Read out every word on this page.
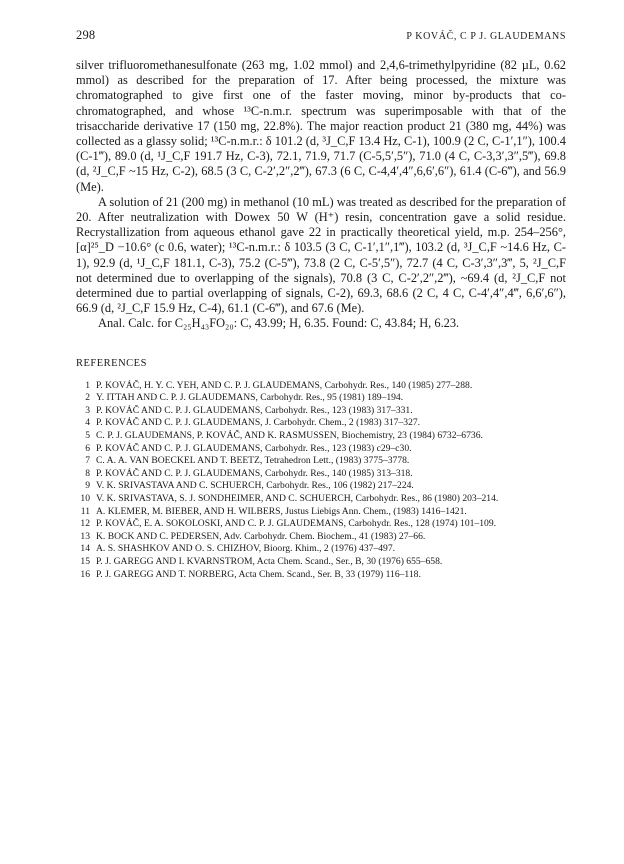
298	P KOVÁČ, C P J. GLAUDEMANS

silver trifluoromethanesulfonate (263 mg, 1.02 mmol) and 2,4,6-trimethylpyridine (82 µL, 0.62 mmol) as described for the preparation of 17. After being processed, the mixture was chromatographed to give first one of the faster moving, minor by-products that co-chromatographed, and whose ¹³C-n.m.r. spectrum was superimposable with that of the trisaccharide derivative 17 (150 mg, 22.8%). The major reaction product 21 (380 mg, 44%) was collected as a glassy solid; ¹³C-n.m.r.: δ 101.2 (d, ³J_C,F 13.4 Hz, C-1), 100.9 (2 C, C-1′,1″), 100.4 (C-1‴), 89.0 (d, ¹J_C,F 191.7 Hz, C-3), 72.1, 71.9, 71.7 (C-5,5′,5″), 71.0 (4 C, C-3,3′,3″,5‴), 69.8 (d, ²J_C,F ~15 Hz, C-2), 68.5 (3 C, C-2′,2″,2‴), 67.3 (6 C, C-4,4′,4″,6,6′,6″), 61.4 (C-6‴), and 56.9 (Me).

A solution of 21 (200 mg) in methanol (10 mL) was treated as described for the preparation of 20. After neutralization with Dowex 50 W (H⁺) resin, concentration gave a solid residue. Recrystallization from aqueous ethanol gave 22 in practically theoretical yield, m.p. 254–256°, [α]²⁵_D −10.6° (c 0.6, water); ¹³C-n.m.r.: δ 103.5 (3 C, C-1′,1″,1‴), 103.2 (d, ³J_C,F ~14.6 Hz, C-1), 92.9 (d, ¹J_C,F 181.1, C-3), 75.2 (C-5‴), 73.8 (2 C, C-5′,5″), 72.7 (4 C, C-3′,3″,3‴, 5, ²J_C,F not determined due to overlapping of the signals), 70.8 (3 C, C-2′,2″,2‴), ~69.4 (d, ²J_C,F not determined due to partial overlapping of signals, C-2), 69.3, 68.6 (2 C, 4 C, C-4′,4″,4‴, 6,6′,6″), 66.9 (d, ²J_C,F 15.9 Hz, C-4), 61.1 (C-6‴), and 67.6 (Me).

Anal. Calc. for C₂₅H₄₃FO₂₀: C, 43.99; H, 6.35. Found: C, 43.84; H, 6.23.

REFERENCES
1 P. KOVÁČ, H. Y. C. YEH, AND C. P. J. GLAUDEMANS, Carbohydr. Res., 140 (1985) 277–288.
2 Y. ITTAH AND C. P. J. GLAUDEMANS, Carbohydr. Res., 95 (1981) 189–194.
3 P. KOVÁČ AND C. P. J. GLAUDEMANS, Carbohydr. Res., 123 (1983) 317–331.
4 P. KOVÁČ AND C. P. J. GLAUDEMANS, J. Carbohydr. Chem., 2 (1983) 317–327.
5 C. P. J. GLAUDEMANS, P. KOVÁČ, AND K. RASMUSSEN, Biochemistry, 23 (1984) 6732–6736.
6 P. KOVÁČ AND C. P. J. GLAUDEMANS, Carbohydr. Res., 123 (1983) c29–c30.
7 C. A. A. VAN BOECKEL AND T. BEETZ, Tetrahedron Lett., (1983) 3775–3778.
8 P. KOVÁČ AND C. P. J. GLAUDEMANS, Carbohydr. Res., 140 (1985) 313–318.
9 V. K. SRIVASTAVA AND C. SCHUERCH, Carbohydr. Res., 106 (1982) 217–224.
10 V. K. SRIVASTAVA, S. J. SONDHEIMER, AND C. SCHUERCH, Carbohydr. Res., 86 (1980) 203–214.
11 A. KLEMER, M. BIEBER, AND H. WILBERS, Justus Liebigs Ann. Chem., (1983) 1416–1421.
12 P. KOVÁČ, E. A. SOKOLOSKI, AND C. P. J. GLAUDEMANS, Carbohydr. Res., 128 (1974) 101–109.
13 K. BOCK AND C. PEDERSEN, Adv. Carbohydr. Chem. Biochem., 41 (1983) 27–66.
14 A. S. SHASHKOV AND O. S. CHIZHOV, Bioorg. Khim., 2 (1976) 437–497.
15 P. J. GAREGG AND I. KVARNSTROM, Acta Chem. Scand., Ser., B, 30 (1976) 655–658.
16 P. J. GAREGG AND T. NORBERG, Acta Chem. Scand., Ser. B, 33 (1979) 116–118.
